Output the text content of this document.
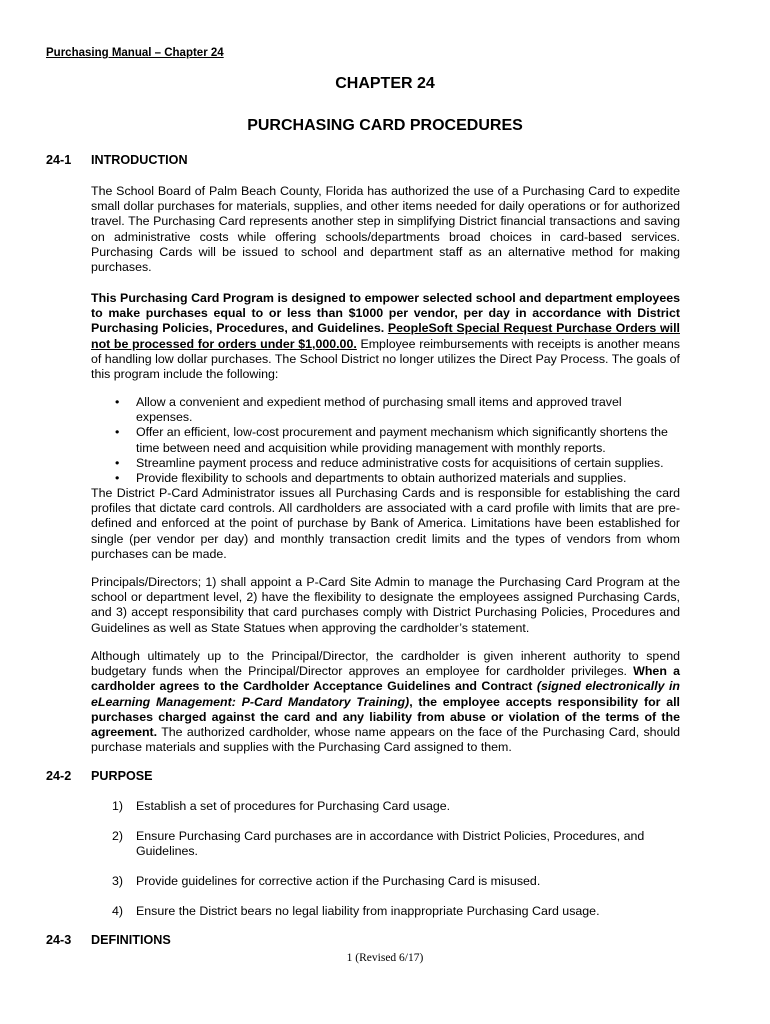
Purchasing Manual – Chapter 24
CHAPTER 24
PURCHASING CARD PROCEDURES
24-1 INTRODUCTION

The School Board of Palm Beach County, Florida has authorized the use of a Purchasing Card to expedite small dollar purchases for materials, supplies, and other items needed for daily operations or for authorized travel. The Purchasing Card represents another step in simplifying District financial transactions and saving on administrative costs while offering schools/departments broad choices in card-based services. Purchasing Cards will be issued to school and department staff as an alternative method for making purchases.

This Purchasing Card Program is designed to empower selected school and department employees to make purchases equal to or less than $1000 per vendor, per day in accordance with District Purchasing Policies, Procedures, and Guidelines. PeopleSoft Special Request Purchase Orders will not be processed for orders under $1,000.00. Employee reimbursements with receipts is another means of handling low dollar purchases. The School District no longer utilizes the Direct Pay Process. The goals of this program include the following:

• Allow a convenient and expedient method of purchasing small items and approved travel expenses.
• Offer an efficient, low-cost procurement and payment mechanism which significantly shortens the time between need and acquisition while providing management with monthly reports.
• Streamline payment process and reduce administrative costs for acquisitions of certain supplies.
• Provide flexibility to schools and departments to obtain authorized materials and supplies.

The District P-Card Administrator issues all Purchasing Cards and is responsible for establishing the card profiles that dictate card controls. All cardholders are associated with a card profile with limits that are pre-defined and enforced at the point of purchase by Bank of America. Limitations have been established for single (per vendor per day) and monthly transaction credit limits and the types of vendors from whom purchases can be made.

Principals/Directors; 1) shall appoint a P-Card Site Admin to manage the Purchasing Card Program at the school or department level, 2) have the flexibility to designate the employees assigned Purchasing Cards, and 3) accept responsibility that card purchases comply with District Purchasing Policies, Procedures and Guidelines as well as State Statues when approving the cardholder’s statement.

Although ultimately up to the Principal/Director, the cardholder is given inherent authority to spend budgetary funds when the Principal/Director approves an employee for cardholder privileges. When a cardholder agrees to the Cardholder Acceptance Guidelines and Contract (signed electronically in eLearning Management: P-Card Mandatory Training), the employee accepts responsibility for all purchases charged against the card and any liability from abuse or violation of the terms of the agreement. The authorized cardholder, whose name appears on the face of the Purchasing Card, should purchase materials and supplies with the Purchasing Card assigned to them.

24-2 PURPOSE
1) Establish a set of procedures for Purchasing Card usage.
2) Ensure Purchasing Card purchases are in accordance with District Policies, Procedures, and Guidelines.
3) Provide guidelines for corrective action if the Purchasing Card is misused.
4) Ensure the District bears no legal liability from inappropriate Purchasing Card usage.
24-3 DEFINITIONS
1 (Revised 6/17)
